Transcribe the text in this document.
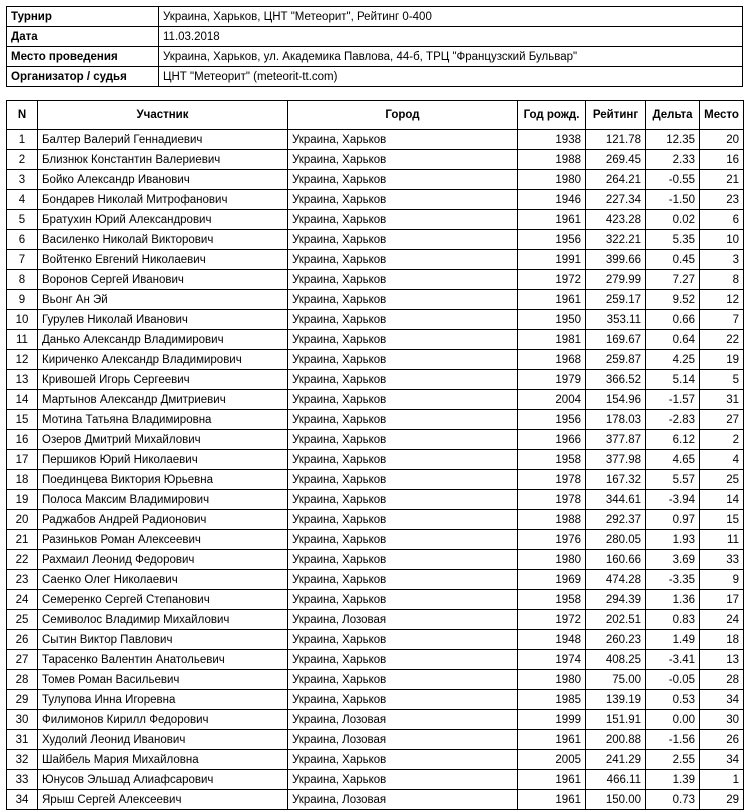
Турнир	Украина, Харьков, ЦНТ "Метеорит", Рейтинг 0-400
Дата	11.03.2018
Место проведения	Украина, Харьков, ул. Академика Павлова, 44-б, ТРЦ "Французский Бульвар"
Организатор / судья	ЦНТ "Метеорит" (meteorit-tt.com)
N	Участник	Город	Год рожд.	Рейтинг	Дельта	Место
1	Балтер Валерий Геннадиевич	Украина, Харьков	1938	121.78	12.35	20
2	Близнюк Константин Валериевич	Украина, Харьков	1988	269.45	2.33	16
3	Бойко Александр Иванович	Украина, Харьков	1980	264.21	-0.55	21
4	Бондарев Николай Митрофанович	Украина, Харьков	1946	227.34	-1.50	23
5	Братухин Юрий Александрович	Украина, Харьков	1961	423.28	0.02	6
6	Василенко Николай Викторович	Украина, Харьков	1956	322.21	5.35	10
7	Войтенко Евгений Николаевич	Украина, Харьков	1991	399.66	0.45	3
8	Воронов Сергей Иванович	Украина, Харьков	1972	279.99	7.27	8
9	Вьонг Ан Эй	Украина, Харьков	1961	259.17	9.52	12
10	Гурулев Николай Иванович	Украина, Харьков	1950	353.11	0.66	7
11	Данько Александр Владимирович	Украина, Харьков	1981	169.67	0.64	22
12	Кириченко Александр Владимирович	Украина, Харьков	1968	259.87	4.25	19
13	Кривошей Игорь Сергеевич	Украина, Харьков	1979	366.52	5.14	5
14	Мартынов Александр Дмитриевич	Украина, Харьков	2004	154.96	-1.57	31
15	Мотина Татьяна Владимировна	Украина, Харьков	1956	178.03	-2.83	27
16	Озеров Дмитрий Михайлович	Украина, Харьков	1966	377.87	6.12	2
17	Першиков Юрий Николаевич	Украина, Харьков	1958	377.98	4.65	4
18	Поединцева Виктория Юрьевна	Украина, Харьков	1978	167.32	5.57	25
19	Полоса Максим Владимирович	Украина, Харьков	1978	344.61	-3.94	14
20	Раджабов Андрей Радионович	Украина, Харьков	1988	292.37	0.97	15
21	Разиньков Роман Алексеевич	Украина, Харьков	1976	280.05	1.93	11
22	Рахмаил Леонид Федорович	Украина, Харьков	1980	160.66	3.69	33
23	Саенко Олег Николаевич	Украина, Харьков	1969	474.28	-3.35	9
24	Семеренко Сергей Степанович	Украина, Харьков	1958	294.39	1.36	17
25	Семиволос Владимир Михайлович	Украина, Лозовая	1972	202.51	0.83	24
26	Сытин Виктор Павлович	Украина, Харьков	1948	260.23	1.49	18
27	Тарасенко Валентин Анатольевич	Украина, Харьков	1974	408.25	-3.41	13
28	Томев Роман Васильевич	Украина, Харьков	1980	75.00	-0.05	28
29	Тулупова Инна Игоревна	Украина, Харьков	1985	139.19	0.53	34
30	Филимонов Кирилл Федорович	Украина, Лозовая	1999	151.91	0.00	30
31	Худолий Леонид Иванович	Украина, Лозовая	1961	200.88	-1.56	26
32	Шайбель Мария Михайловна	Украина, Харьков	2005	241.29	2.55	34
33	Юнусов Эльшад Алиафсарович	Украина, Харьков	1961	466.11	1.39	1
34	Ярыш Сергей Алексеевич	Украина, Лозовая	1961	150.00	0.73	29
